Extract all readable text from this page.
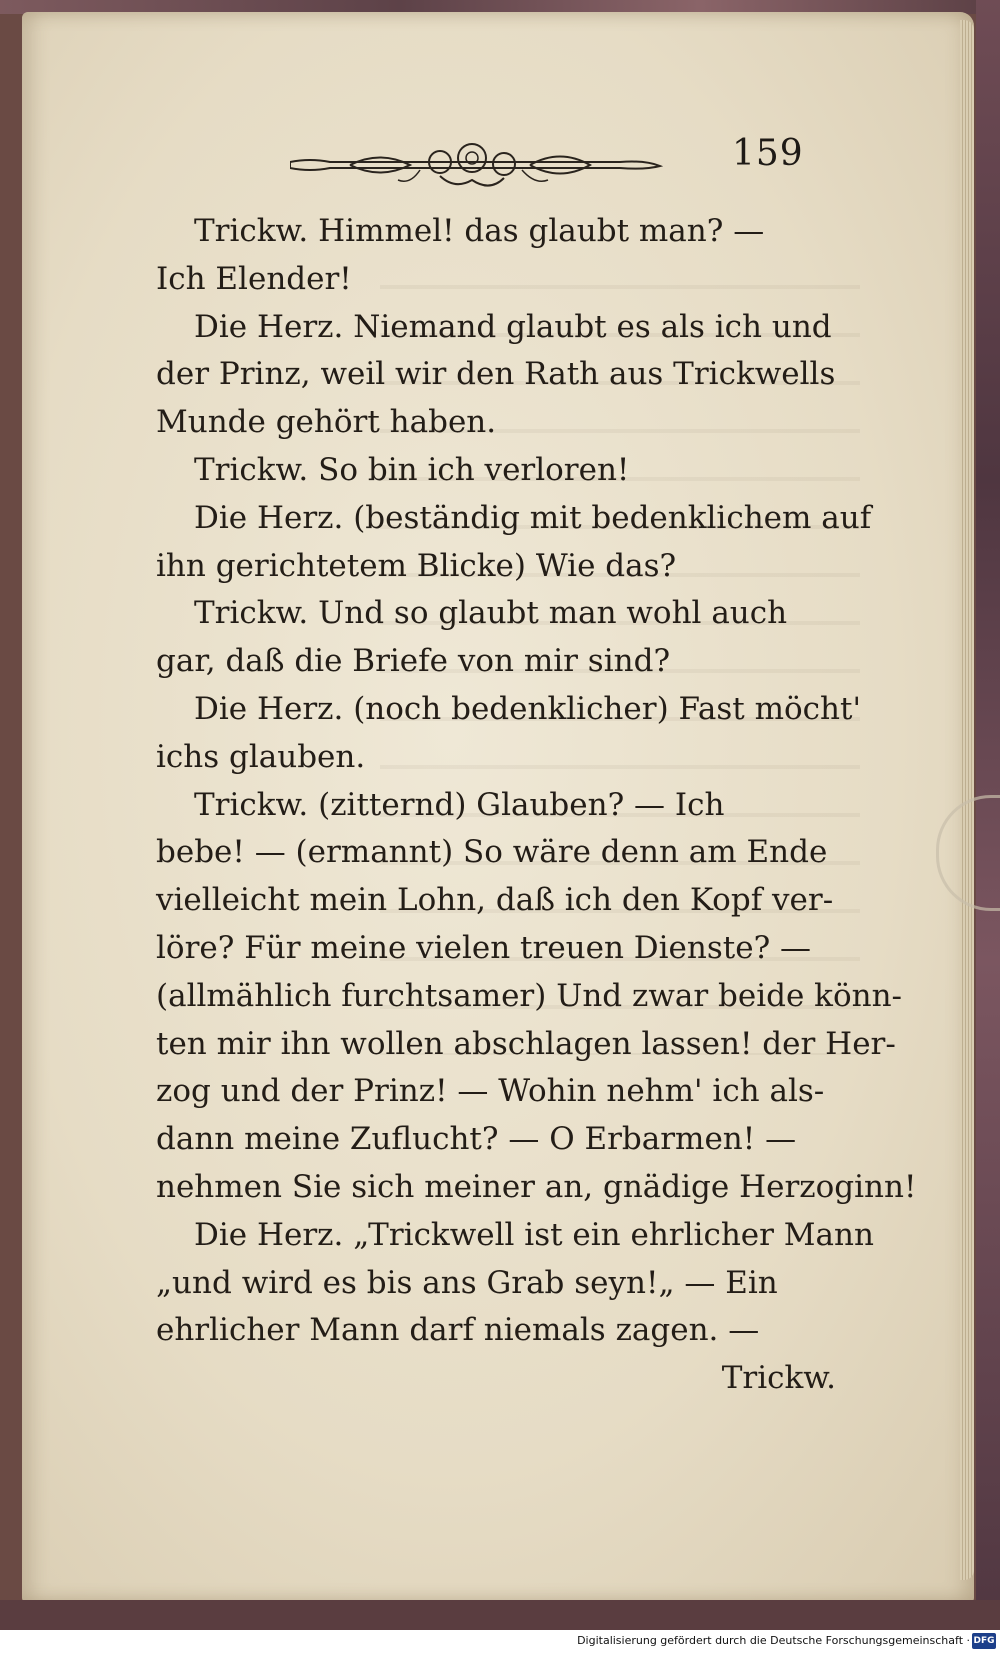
159
Trickw. Himmel! das glaubt man? —
Ich Elender!
Die Herz. Niemand glaubt es als ich und
der Prinz, weil wir den Rath aus Trickwells
Munde gehört haben.
Trickw. So bin ich verloren!
Die Herz. (beständig mit bedenklichem auf
ihn gerichtetem Blicke) Wie das?
Trickw. Und so glaubt man wohl auch
gar, daß die Briefe von mir sind?
Die Herz. (noch bedenklicher) Fast möcht'
ichs glauben.
Trickw. (zitternd) Glauben? — Ich
bebe! — (ermannt) So wäre denn am Ende
vielleicht mein Lohn, daß ich den Kopf ver-
löre? Für meine vielen treuen Dienste? —
(allmählich furchtsamer) Und zwar beide könn-
ten mir ihn wollen abschlagen lassen! der Her-
zog und der Prinz! — Wohin nehm' ich als-
dann meine Zuflucht? — O Erbarmen! —
nehmen Sie sich meiner an, gnädige Herzoginn!
Die Herz. „Trickwell ist ein ehrlicher Mann
„und wird es bis ans Grab seyn!„ — Ein
ehrlicher Mann darf niemals zagen. —
Trickw.
Digitalisierung gefördert durch die Deutsche Forschungsgemeinschaft · DFG
